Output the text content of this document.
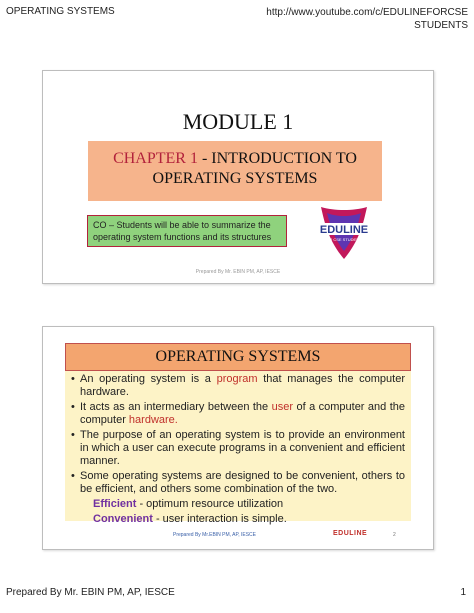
OPERATING SYSTEMS	http://www.youtube.com/c/EDULINEFORCSE
STUDENTS
MODULE 1
CHAPTER 1 - INTRODUCTION TO
OPERATING SYSTEMS
CO – Students will be able to summarize the operating system functions and its structures
EDULINE
FOR CSE STUDENTS
Prepared By Mr. EBIN PM, AP, IESCE
OPERATING SYSTEMS
• An operating system is a program that manages the computer hardware.
• It acts as an intermediary between the user of a computer and the computer hardware.
• The purpose of an operating system is to provide an environment in which a user can execute programs in a convenient and efficient manner.
• Some operating systems are designed to be convenient, others to be efficient, and others some combination of the two.
Efficient - optimum resource utilization
Convenient - user interaction is simple.
Prepared By Mr.EBIN PM, AP, IESCE	EDULINE	2
Prepared By Mr. EBIN PM, AP, IESCE	1
